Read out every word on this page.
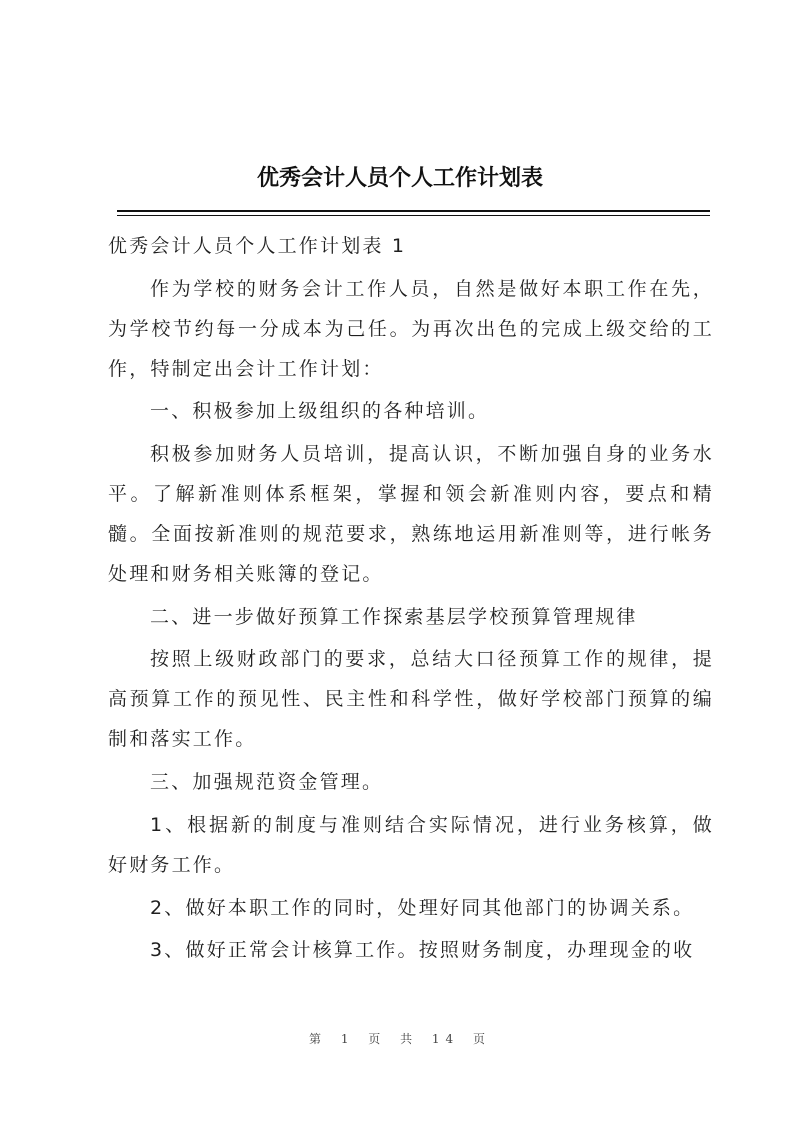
优秀会计人员个人工作计划表

优秀会计人员个人工作计划表 1

作为学校的财务会计工作人员，自然是做好本职工作在先，为学校节约每一分成本为己任。为再次出色的完成上级交给的工作，特制定出会计工作计划：

一、积极参加上级组织的各种培训。

积极参加财务人员培训，提高认识，不断加强自身的业务水平。了解新准则体系框架，掌握和领会新准则内容，要点和精髓。全面按新准则的规范要求，熟练地运用新准则等，进行帐务处理和财务相关账簿的登记。

二、进一步做好预算工作探索基层学校预算管理规律

按照上级财政部门的要求，总结大口径预算工作的规律，提高预算工作的预见性、民主性和科学性，做好学校部门预算的编制和落实工作。

三、加强规范资金管理。

1、根据新的制度与准则结合实际情况，进行业务核算，做好财务工作。

2、做好本职工作的同时，处理好同其他部门的协调关系。

3、做好正常会计核算工作。按照财务制度，办理现金的收

第 1 页 共 14 页
